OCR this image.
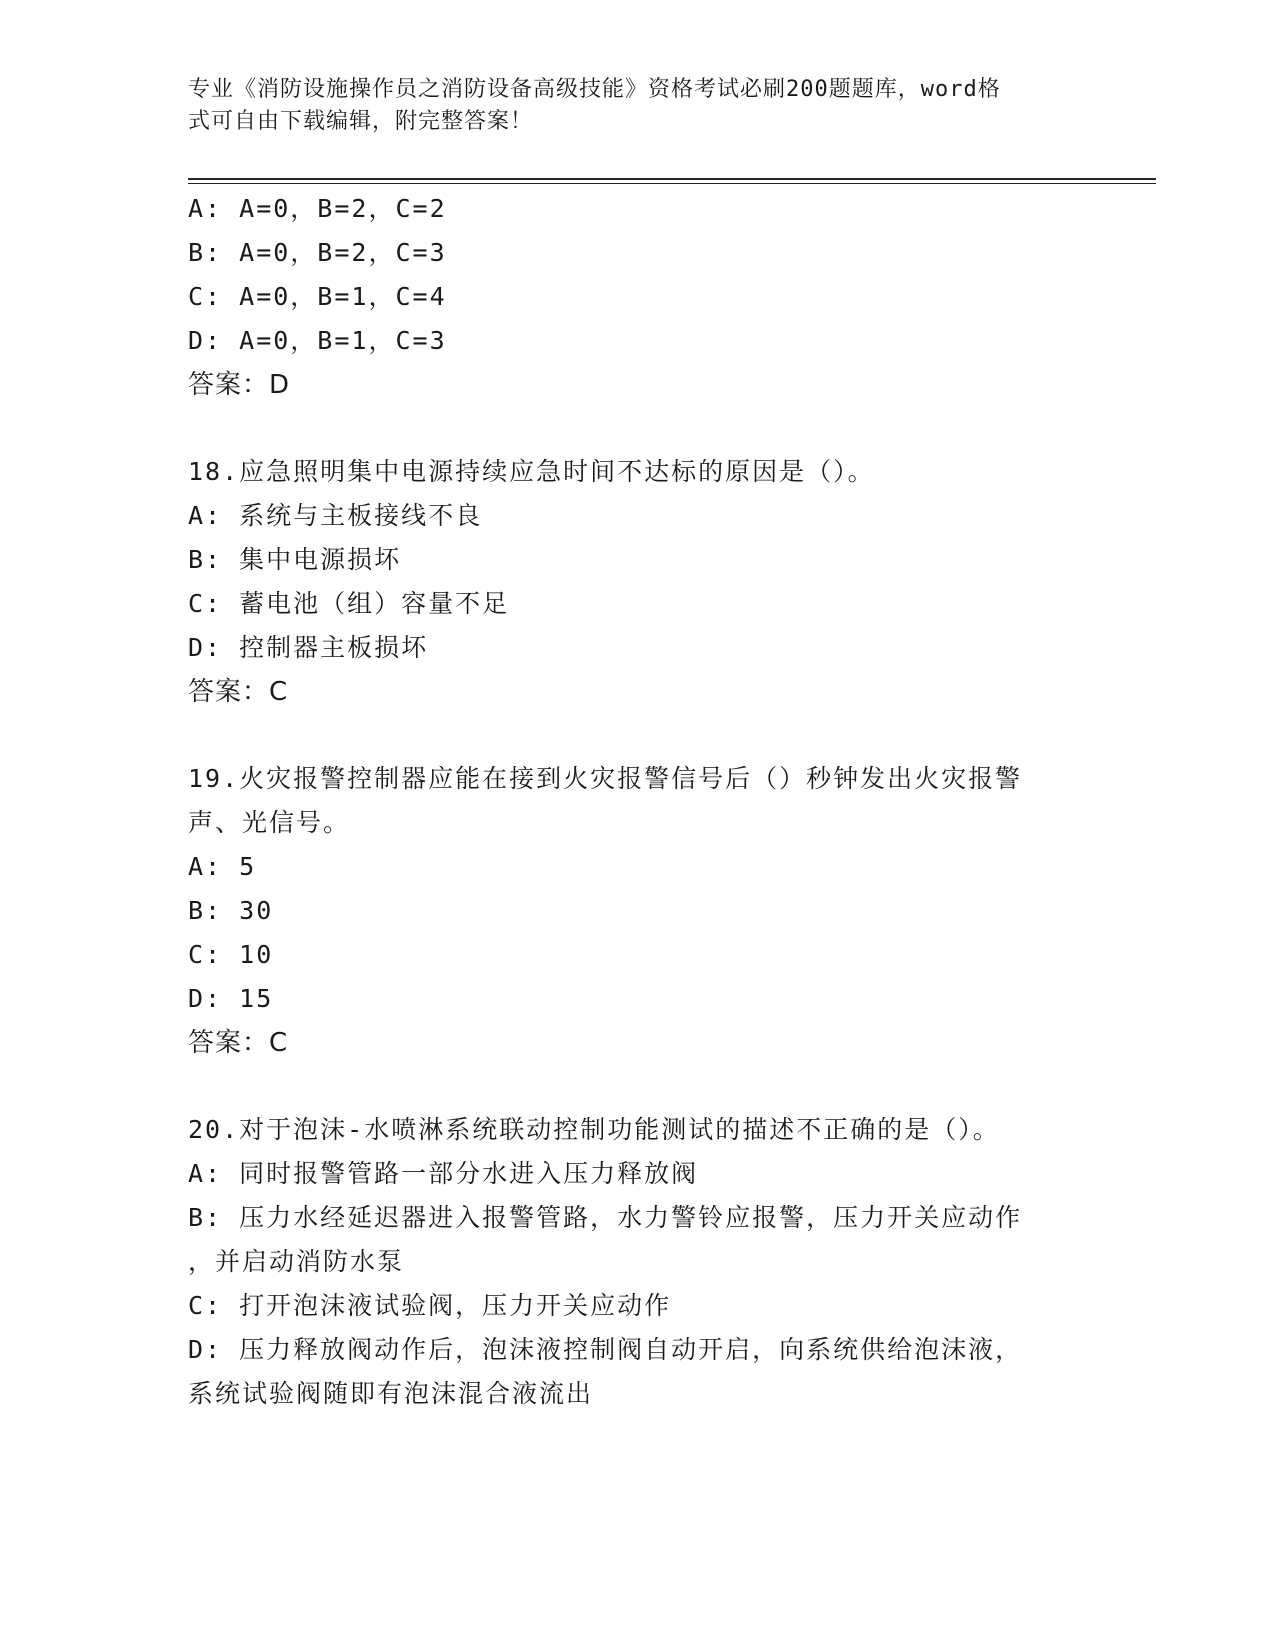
专业《消防设施操作员之消防设备高级技能》资格考试必刷200题题库，word格
式可自由下载编辑，附完整答案！
A: A=0，B=2，C=2
B: A=0，B=2，C=3
C: A=0，B=1，C=4
D: A=0，B=1，C=3
答案：D
18.应急照明集中电源持续应急时间不达标的原因是（）。
A: 系统与主板接线不良
B: 集中电源损坏
C: 蓄电池（组）容量不足
D: 控制器主板损坏
答案：C
19.火灾报警控制器应能在接到火灾报警信号后（）秒钟发出火灾报警
声、光信号。
A: 5
B: 30
C: 10
D: 15
答案：C
20.对于泡沫-水喷淋系统联动控制功能测试的描述不正确的是（）。
A: 同时报警管路一部分水进入压力释放阀
B: 压力水经延迟器进入报警管路，水力警铃应报警，压力开关应动作
，并启动消防水泵
C: 打开泡沫液试验阀，压力开关应动作
D: 压力释放阀动作后，泡沫液控制阀自动开启，向系统供给泡沫液，
系统试验阀随即有泡沫混合液流出
